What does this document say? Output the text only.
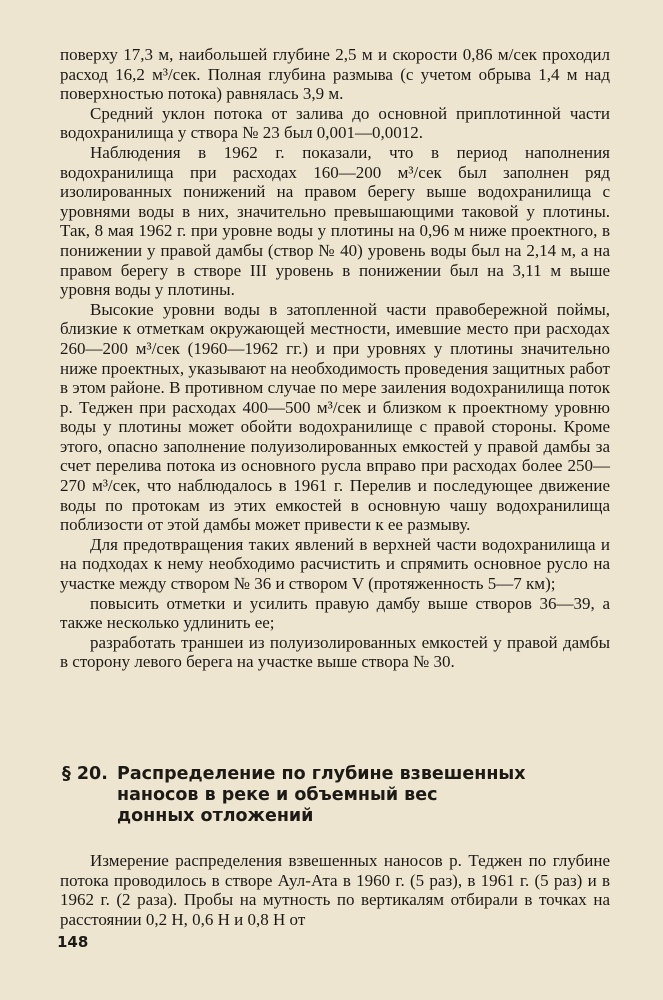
поверху 17,3 м, наибольшей глубине 2,5 м и скорости 0,86 м/сек проходил расход 16,2 м³/сек. Полная глубина размыва (с учетом обрыва 1,4 м над поверхностью потока) равнялась 3,9 м.

Средний уклон потока от залива до основной приплотинной части водохранилища у створа № 23 был 0,001—0,0012.

Наблюдения в 1962 г. показали, что в период наполнения водохранилища при расходах 160—200 м³/сек был заполнен ряд изолированных понижений на правом берегу выше водохранилища с уровнями воды в них, значительно превышающими таковой у плотины. Так, 8 мая 1962 г. при уровне воды у плотины на 0,96 м ниже проектного, в понижении у правой дамбы (створ № 40) уровень воды был на 2,14 м, а на правом берегу в створе III уровень в понижении был на 3,11 м выше уровня воды у плотины.

Высокие уровни воды в затопленной части правобережной поймы, близкие к отметкам окружающей местности, имевшие место при расходах 260—200 м³/сек (1960—1962 гг.) и при уровнях у плотины значительно ниже проектных, указывают на необходимость проведения защитных работ в этом районе. В противном случае по мере заиления водохранилища поток р. Теджен при расходах 400—500 м³/сек и близком к проектному уровню воды у плотины может обойти водохранилище с правой стороны. Кроме этого, опасно заполнение полуизолированных емкостей у правой дамбы за счет перелива потока из основного русла вправо при расходах более 250—270 м³/сек, что наблюдалось в 1961 г. Перелив и последующее движение воды по протокам из этих емкостей в основную чашу водохранилища поблизости от этой дамбы может привести к ее размыву.

Для предотвращения таких явлений в верхней части водохранилища и на подходах к нему необходимо расчистить и спрямить основное русло на участке между створом № 36 и створом V (протяженность 5—7 км);

повысить отметки и усилить правую дамбу выше створов 36—39, а также несколько удлинить ее;

разработать траншеи из полуизолированных емкостей у правой дамбы в сторону левого берега на участке выше створа № 30.

§ 20. Распределение по глубине взвешенных
наносов в реке и объемный вес
донных отложений

Измерение распределения взвешенных наносов р. Теджен по глубине потока проводилось в створе Аул-Ата в 1960 г. (5 раз), в 1961 г. (5 раз) и в 1962 г. (2 раза). Пробы на мутность по вертикалям отбирали в точках на расстоянии 0,2 H, 0,6 H и 0,8 H от

148
